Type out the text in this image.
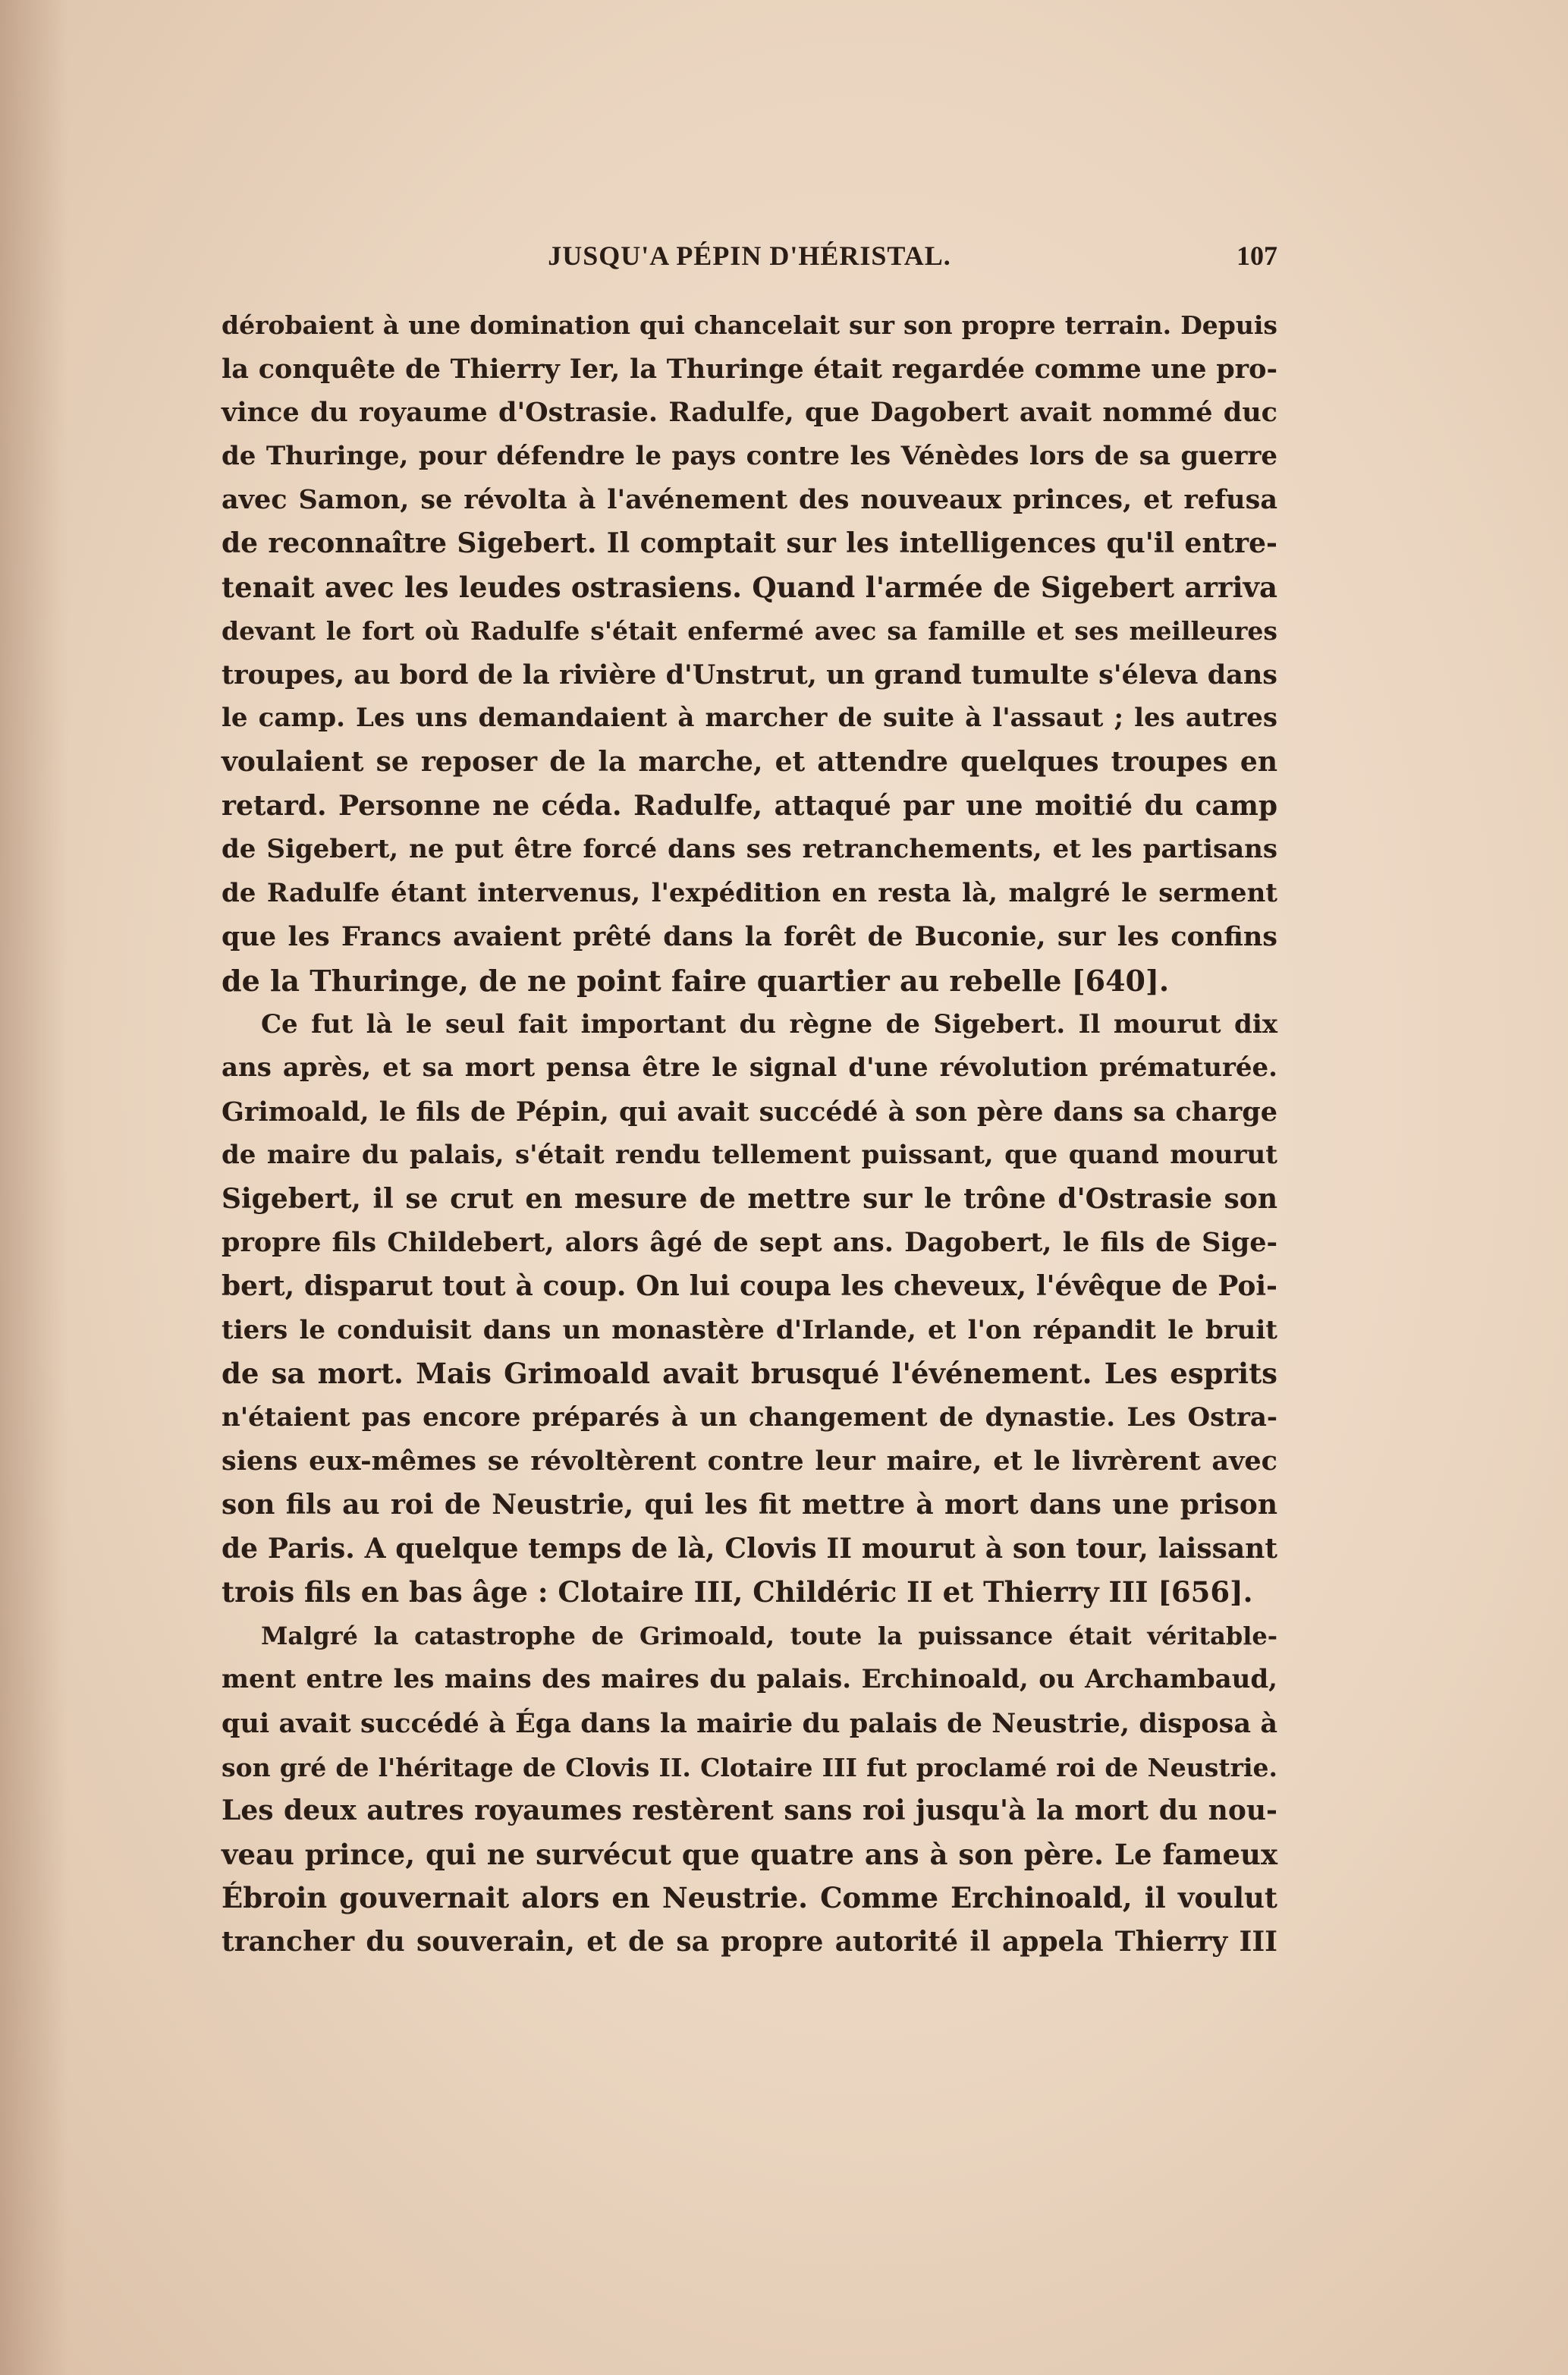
JUSQU'A PÉPIN D'HÉRISTAL.	107
dérobaient à une domination qui chancelait sur son propre terrain. Depuis
la conquête de Thierry Ier, la Thuringe était regardée comme une pro-
vince du royaume d'Ostrasie. Radulfe, que Dagobert avait nommé duc
de Thuringe, pour défendre le pays contre les Vénèdes lors de sa guerre
avec Samon, se révolta à l'avénement des nouveaux princes, et refusa
de reconnaître Sigebert. Il comptait sur les intelligences qu'il entre-
tenait avec les leudes ostrasiens. Quand l'armée de Sigebert arriva
devant le fort où Radulfe s'était enfermé avec sa famille et ses meilleures
troupes, au bord de la rivière d'Unstrut, un grand tumulte s'éleva dans
le camp. Les uns demandaient à marcher de suite à l'assaut ; les autres
voulaient se reposer de la marche, et attendre quelques troupes en
retard. Personne ne céda. Radulfe, attaqué par une moitié du camp
de Sigebert, ne put être forcé dans ses retranchements, et les partisans
de Radulfe étant intervenus, l'expédition en resta là, malgré le serment
que les Francs avaient prêté dans la forêt de Buconie, sur les confins
de la Thuringe, de ne point faire quartier au rebelle [640].
Ce fut là le seul fait important du règne de Sigebert. Il mourut dix
ans après, et sa mort pensa être le signal d'une révolution prématurée.
Grimoald, le fils de Pépin, qui avait succédé à son père dans sa charge
de maire du palais, s'était rendu tellement puissant, que quand mourut
Sigebert, il se crut en mesure de mettre sur le trône d'Ostrasie son
propre fils Childebert, alors âgé de sept ans. Dagobert, le fils de Sige-
bert, disparut tout à coup. On lui coupa les cheveux, l'évêque de Poi-
tiers le conduisit dans un monastère d'Irlande, et l'on répandit le bruit
de sa mort. Mais Grimoald avait brusqué l'événement. Les esprits
n'étaient pas encore préparés à un changement de dynastie. Les Ostra-
siens eux-mêmes se révoltèrent contre leur maire, et le livrèrent avec
son fils au roi de Neustrie, qui les fit mettre à mort dans une prison
de Paris. A quelque temps de là, Clovis II mourut à son tour, laissant
trois fils en bas âge : Clotaire III, Childéric II et Thierry III [656].
Malgré la catastrophe de Grimoald, toute la puissance était véritable-
ment entre les mains des maires du palais. Erchinoald, ou Archambaud,
qui avait succédé à Éga dans la mairie du palais de Neustrie, disposa à
son gré de l'héritage de Clovis II. Clotaire III fut proclamé roi de Neustrie.
Les deux autres royaumes restèrent sans roi jusqu'à la mort du nou-
veau prince, qui ne survécut que quatre ans à son père. Le fameux
Ébroin gouvernait alors en Neustrie. Comme Erchinoald, il voulut
trancher du souverain, et de sa propre autorité il appela Thierry III
